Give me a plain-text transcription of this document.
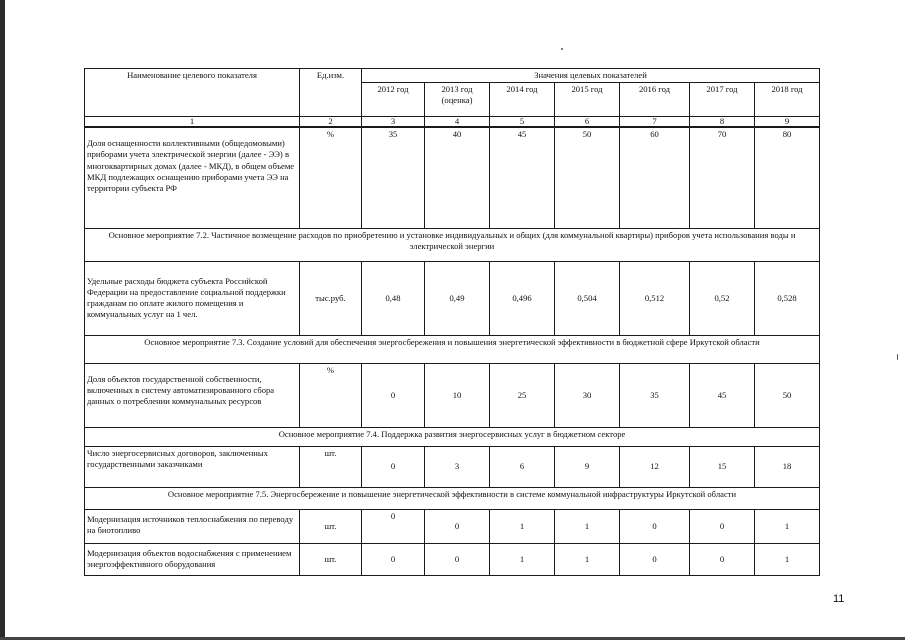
Наименование целевого показателя	Ед.изм.	Значения целевых показателей						
		2012 год	2013 год (оценка)	2014 год	2015 год	2016 год	2017 год	2018 год
1	2	3	4	5	6	7	8	9
Доля оснащенности коллективными (общедомовыми) приборами учета электрической энергии (далее - ЭЭ) в многоквартирных домах (далее - МКД), в общем объеме МКД подлежащих оснащению приборами учета ЭЭ на территории субъекта РФ	%	35	40	45	50	60	70	80
Основное мероприятие 7.2. Частичное возмещение расходов по приобретению и установке индивидуальных и общих (для коммунальной квартиры) приборов учета использования воды и электрической энергии								
Удельные расходы бюджета субъекта Российской Федерации на предоставление социальной поддержки гражданам по оплате жилого помещения и коммунальных услуг на 1 чел.	тыс.руб.	0,48	0,49	0,496	0,504	0,512	0,52	0,528
Основное мероприятие 7.3. Создание условий для обеспечения энергосбережения и повышения энергетической эффективности в бюджетной сфере Иркутской области								
Доля объектов государственной собственности, включенных в систему автоматизированного сбора данных о потреблении коммунальных ресурсов	%	0	10	25	30	35	45	50
Основное мероприятие 7.4. Поддержка развития энергосервисных услуг в бюджетном секторе								
Число энергосервисных договоров, заключенных государственными заказчиками	шт.	0	3	6	9	12	15	18
Основное мероприятие 7.5. Энергосбережение и повышение энергетической эффективности в системе коммунальной инфраструктуры Иркутской области								
Модернизация источников теплоснабжения по переводу на биотопливо	шт.	0	0	1	1	0	0	1
Модернизация объектов водоснабжения с применением энергоэффективного оборудования	шт.	0	0	1	1	0	0	1
11
